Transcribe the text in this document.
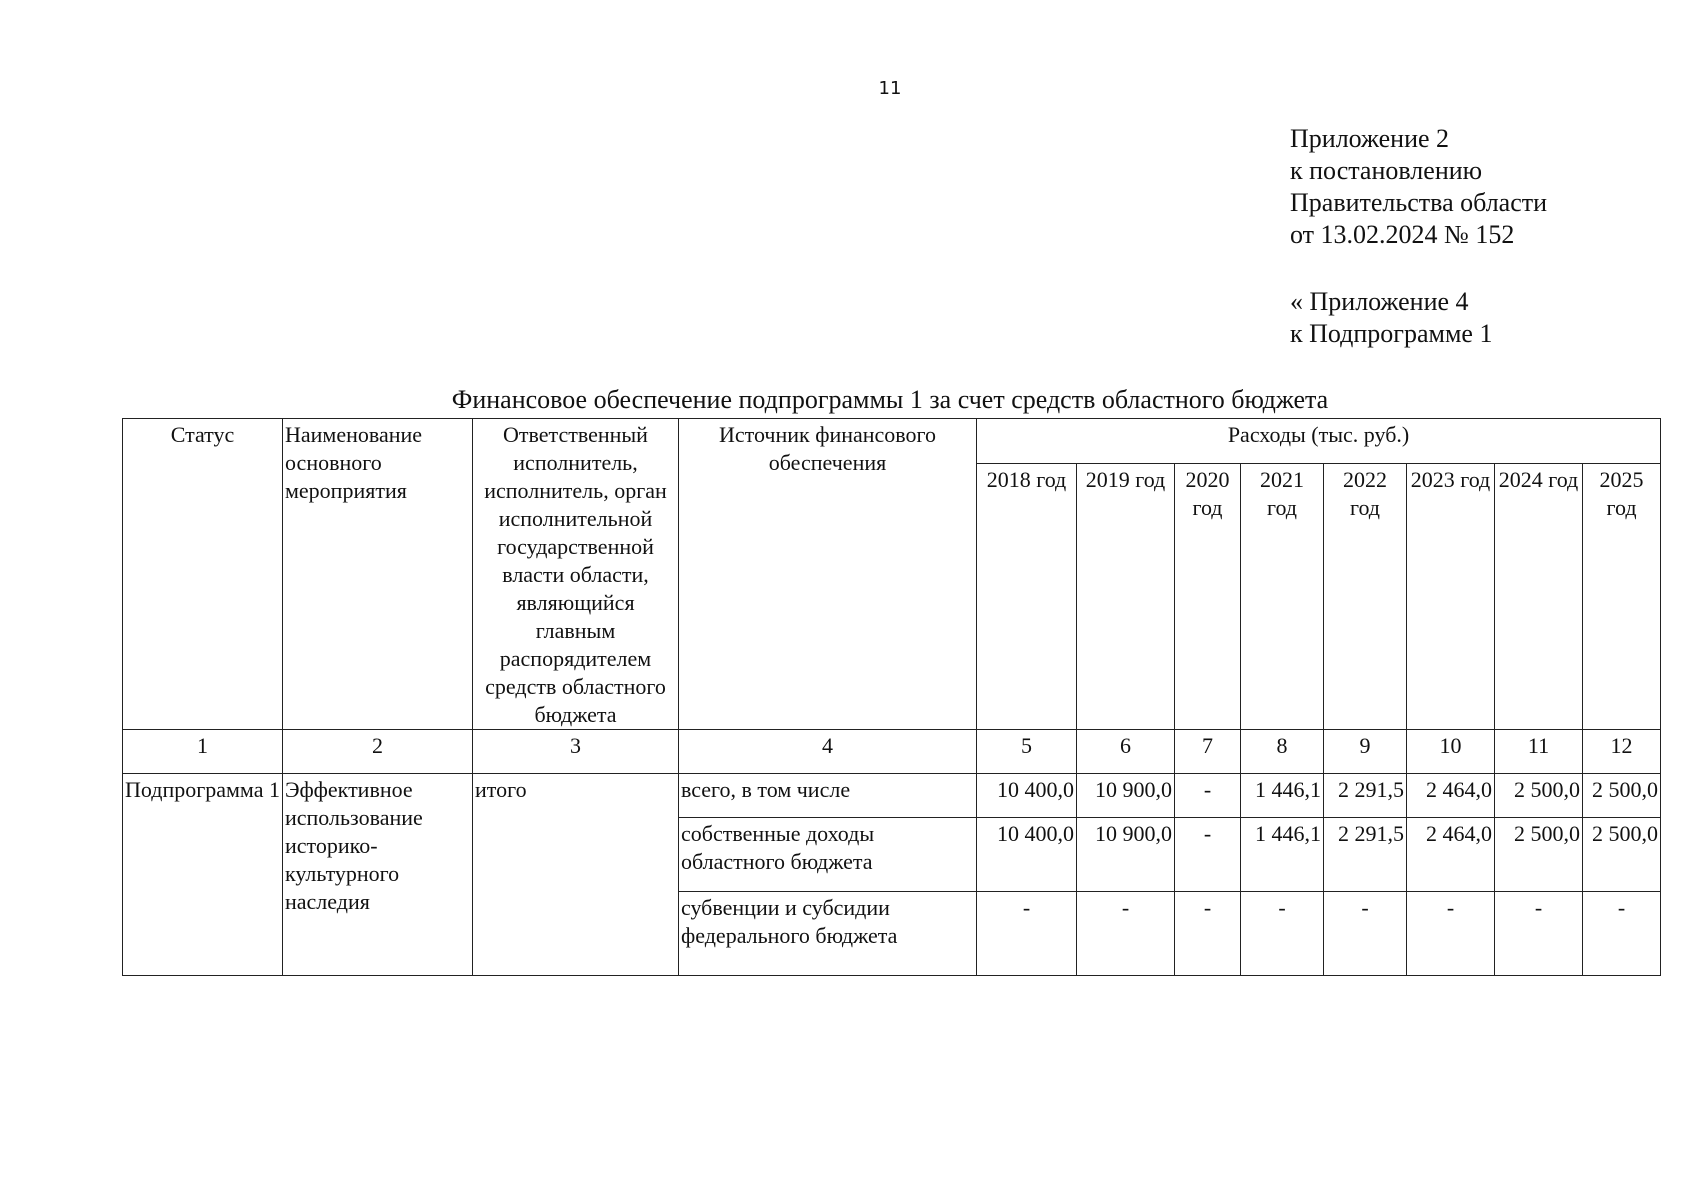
11
Приложение 2
к постановлению
Правительства области
от 13.02.2024 № 152
« Приложение 4
к Подпрограмме 1
Финансовое обеспечение подпрограммы 1 за счет средств областного бюджета
Статус	Наименование основного мероприятия	Ответственный исполнитель, исполнитель, орган исполнительной государственной власти области, являющийся главным распорядителем средств областного бюджета	Источник финансового обеспечения	Расходы (тыс. руб.)							
				2018 год	2019 год	2020 год	2021 год	2022 год	2023 год	2024 год	2025 год
1	2	3	4	5	6	7	8	9	10	11	12
Подпрограмма 1	Эффективное использование историко-культурного наследия	итого	всего, в том числе	10 400,0	10 900,0	-	1 446,1	2 291,5	2 464,0	2 500,0	2 500,0
			собственные доходы областного бюджета	10 400,0	10 900,0	-	1 446,1	2 291,5	2 464,0	2 500,0	2 500,0
			субвенции и субсидии федерального бюджета	-	-	-	-	-	-	-	-
